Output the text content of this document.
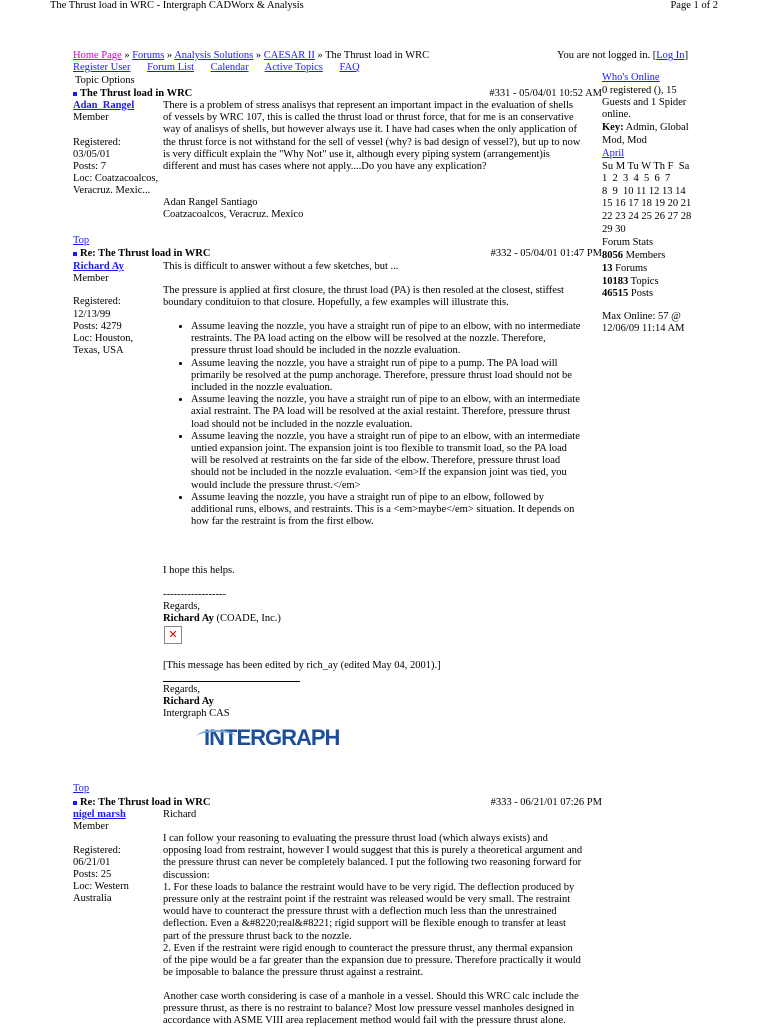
The Thrust load in WRC - Intergraph CADWorx & Analysis	Page 1 of 2
Home Page » Forums » Analysis Solutions » CAESAR II » The Thrust load in WRC	You are not logged in. [Log In]
Register User Forum List Calendar Active Topics FAQ
Topic Options	Who's Online
0 registered (), 15
Guests and 1 Spider
online.
Key: Admin, Global
Mod, Mod
April
Su M Tu W Th F  Sa
1  2  3  4  5  6  7
8  9  10 11 12 13 14
15 16 17 18 19 20 21
22 23 24 25 26 27 28
29 30
Forum Stats
8056 Members
13 Forums
10183 Topics
46515 Posts
Max Online: 57 @
12/06/09 11:14 AM
The Thrust load in WRC	#331 - 05/04/01 10:52 AM
Adan_Rangel
Member
Registered:
03/05/01
Posts: 7
Loc: Coatzacoalcos,
Veracruz. Mexic...
There is a problem of stress analisys that represent an important impact in the evaluation of shells
of vessels by WRC 107, this is called the thrust load or thrust force, that for me is an conservative
way of analisys of shells, but however always use it. I have had cases when the only application of
the thrust force is not withstand for the sell of vessel (why? is bad design of vessel?), but up to now
is very difficult explain the "Why Not" use it, although every piping system (arrangement)is
different and must has cases where not apply....Do you have any explication?
Adan Rangel Santiago
Coatzacoalcos, Veracruz. Mexico
Top
Re: The Thrust load in WRC	#332 - 05/04/01 01:47 PM
Richard Ay
Member
Registered:
12/13/99
Posts: 4279
Loc: Houston,
Texas, USA
This is difficult to answer without a few sketches, but ...
The pressure is applied at first closure, the thrust load (PA) is then resoled at the closest, stiffest
boundary condituion to that closure. Hopefully, a few examples will illustrate this.
• Assume leaving the nozzle, you have a straight run of pipe to an elbow, with no intermediate
restraints. The PA load acting on the elbow will be resolved at the nozzle. Therefore,
pressure thrust load should be included in the nozzle evaluation.
• Assume leaving the nozzle, you have a straight run of pipe to a pump. The PA load will
primarily be resolved at the pump anchorage. Therefore, pressure thrust load should not be
included in the nozzle evaluation.
• Assume leaving the nozzle, you have a straight run of pipe to an elbow, with an intermediate
axial restraint. The PA load will be resolved at the axial restaint. Therefore, pressure thrust
load should not be included in the nozzle evaluation.
• Assume leaving the nozzle, you have a straight run of pipe to an elbow, with an intermediate
untied expansion joint. The expansion joint is too flexible to transmit load, so the PA load
will be resolved at restraints on the far side of the elbow. Therefore, pressure thrust load
should not be included in the nozzle evaluation. <em>If the expansion joint was tied, you
would include the pressure thrust.</em>
• Assume leaving the nozzle, you have a straight run of pipe to an elbow, followed by
additional runs, elbows, and restraints. This is a <em>maybe</em> situation. It depends on
how far the restraint is from the first elbow.
I hope this helps.
------------------
Regards,
Richard Ay (COADE, Inc.)
✕
[This message has been edited by rich_ay (edited May 04, 2001).]
Regards,
Richard Ay
Intergraph CAS
INTERGRAPH
Top
Re: The Thrust load in WRC	#333 - 06/21/01 07:26 PM
nigel marsh
Member
Registered:
06/21/01
Posts: 25
Loc: Western
Australia
Richard
I can follow your reasoning to evaluating the pressure thrust load (which always exists) and
opposing load from restraint, however I would suggest that this is purely a theoretical argument and
the pressure thrust can never be completely balanced. I put the following two reasoning forward for
discussion:
1. For these loads to balance the restraint would have to be very rigid. The deflection produced by
pressure only at the restraint point if the restraint was released would be very small. The restraint
would have to counteract the pressure thrust with a deflection much less than the unrestrained
deflection. Even a &#8220;real&#8221; rigid support will be flexible enough to transfer at least
part of the pressure thrust back to the nozzle.
2. Even if the restraint were rigid enough to counteract the pressure thrust, any thermal expansion
of the pipe would be a far greater than the expansion due to pressure. Therefore practically it would
be imposable to balance the pressure thrust against a restraint.
Another case worth considering is case of a manhole in a vessel. Should this WRC calc include the
pressure thrust, as there is no restraint to balance? Most low pressure vessel manholes designed in
accordance with ASME VIII area replacement method would fail with the pressure thrust alone.
